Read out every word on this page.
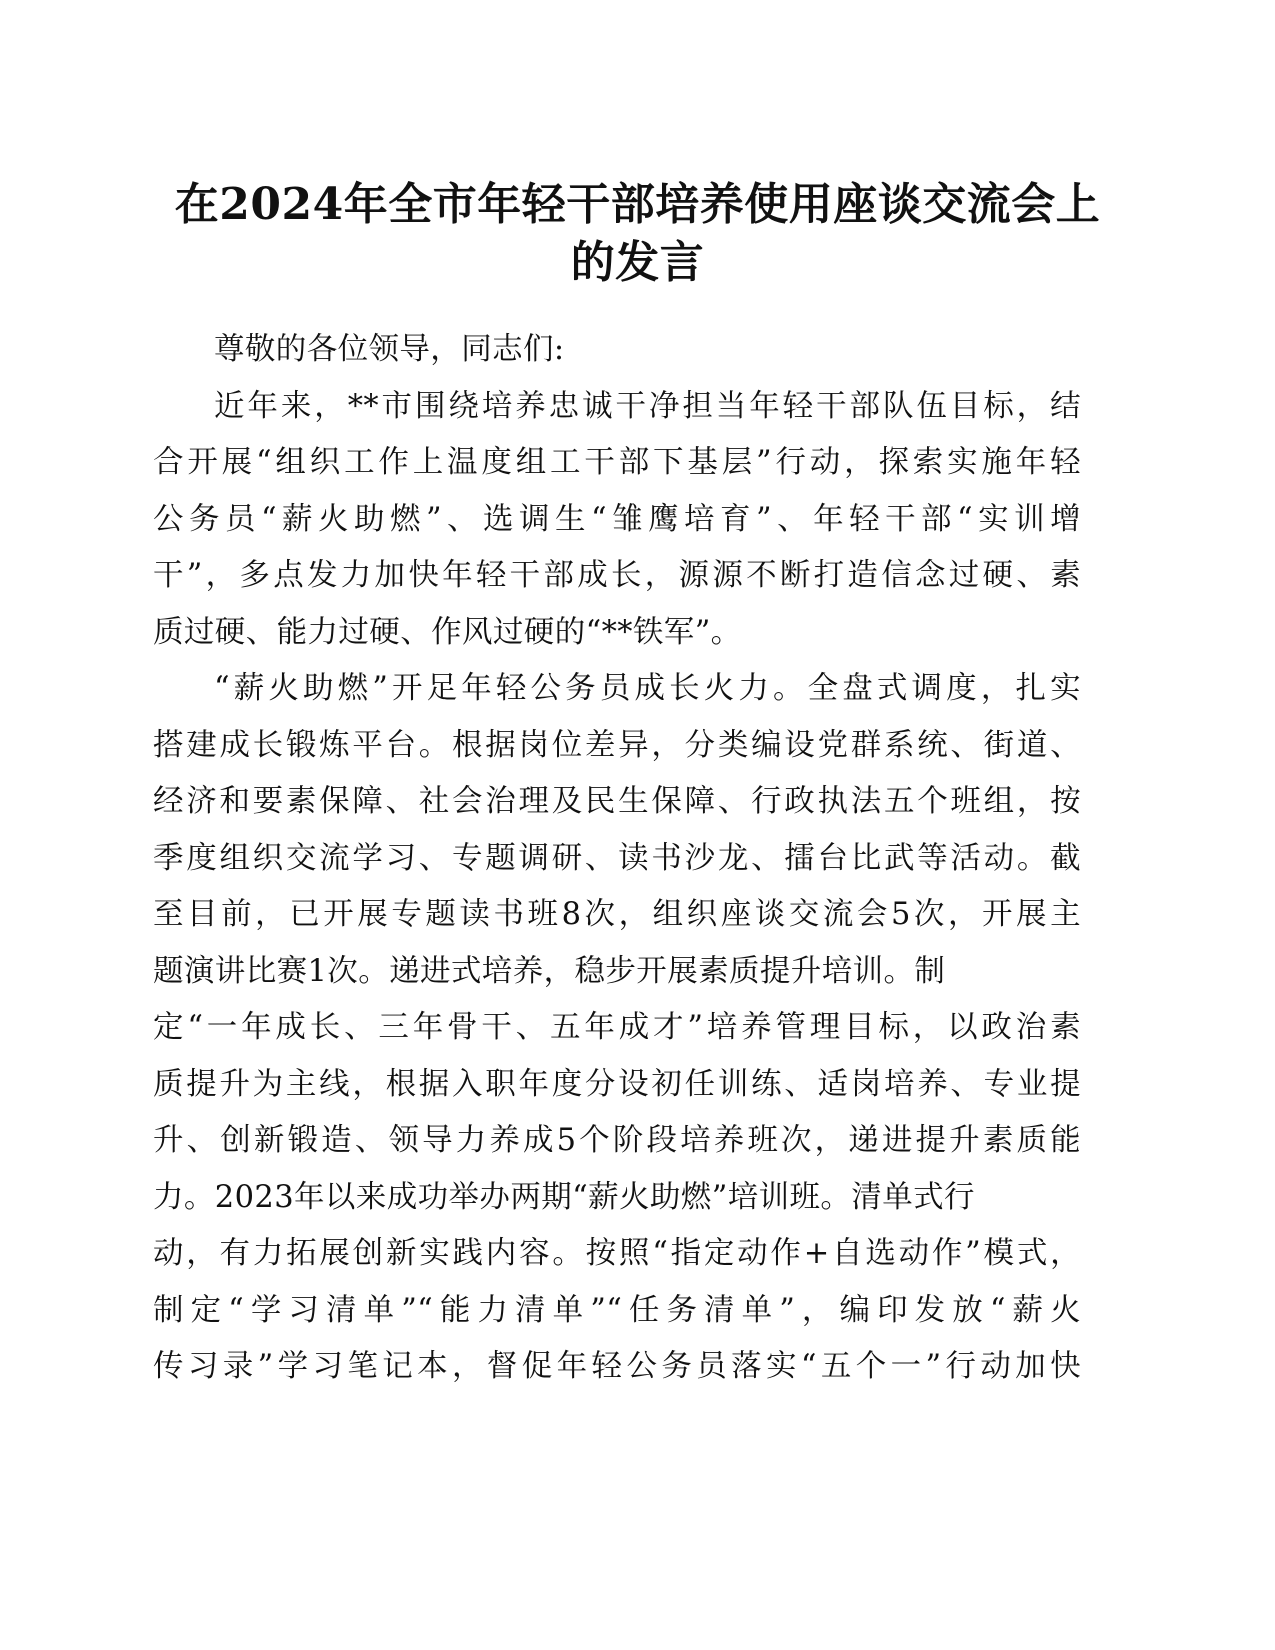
在2024年全市年轻干部培养使用座谈交流会上
的发言
尊敬的各位领导，同志们:
近年来，**市围绕培养忠诚干净担当年轻干部队伍目标，结
合开展“组织工作上温度组工干部下基层”行动，探索实施年轻
公务员“薪火助燃”、选调生“雏鹰培育”、年轻干部“实训增
干”，多点发力加快年轻干部成长，源源不断打造信念过硬、素
质过硬、能力过硬、作风过硬的“**铁军”。
“薪火助燃”开足年轻公务员成长火力。全盘式调度，扎实
搭建成长锻炼平台。根据岗位差异，分类编设党群系统、街道、
经济和要素保障、社会治理及民生保障、行政执法五个班组，按
季度组织交流学习、专题调研、读书沙龙、擂台比武等活动。截
至目前，已开展专题读书班8次，组织座谈交流会5次，开展主
题演讲比赛1次。递进式培养，稳步开展素质提升培训。制
定“一年成长、三年骨干、五年成才”培养管理目标，以政治素
质提升为主线，根据入职年度分设初任训练、适岗培养、专业提
升、创新锻造、领导力养成5个阶段培养班次，递进提升素质能
力。2023年以来成功举办两期“薪火助燃”培训班。清单式行
动，有力拓展创新实践内容。按照“指定动作+自选动作”模式，
制定“学习清单”“能力清单”“任务清单”，编印发放“薪火
传习录”学习笔记本，督促年轻公务员落实“五个一”行动加快
